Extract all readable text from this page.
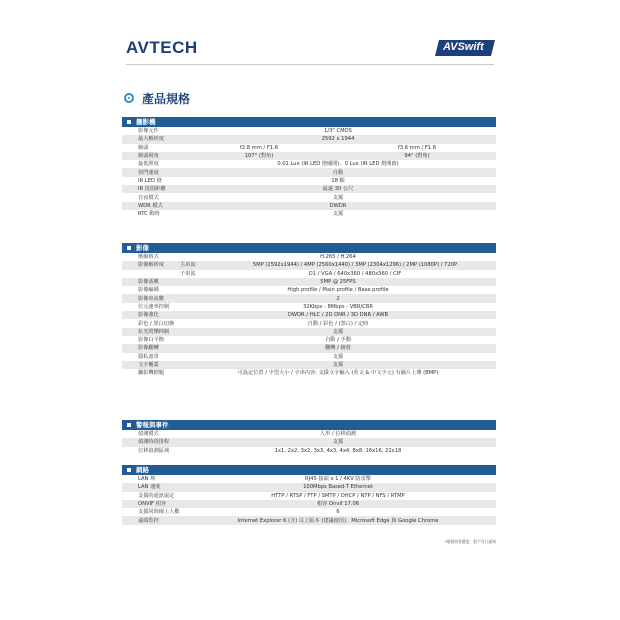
AVTECH	AVSwift
產品規格
攝影機
影像元件	1/3" CMOS
最大解析度	2592 x 1944
鏡頭	f2.8 mm / F1.6	f3.6 mm / F1.6
鏡頭視角	107° (對角)	94° (對角)
最低照度	0.01 Lux (IR LED 燈關閉)、0 Lux (IR LED 燈開啟)
快門速度	自動
IR LED 燈	18 顆
IR 投射距離	最遠 30 公尺
日夜模式	支援
WDR 模式	DWDR
RTC 動時	支援
影像
壓縮格式	H.265 / H.264
影像解析度	主串流	5MP (2592x1944) / 4MP (2560x1440) / 3MP (2304x1296) / 2MP (1080P) / 720P
子串流	D1 / VGA / 640x360 / 480x360 / CIF
影像張數	5MP @ 25FPS
影像編碼	High profile / Main profile / Base profile
影像串流數	2
位元速率控制	32Kbps - 8Mbps - VBR/CBR
影像強化	DWDR / HLC / 2D DNR / 3D DNR / AWB
彩色 / 黑白切換	自動 / 彩色 / (黑白) / 定時
抗光閃爍抑制	支援
影像白平衡	自動 / 手動
影像翻轉	翻轉 / 鏡射
隱私遮罩	支援
文字覆蓋	支援
攝影機標題	可設定位置 / 字型大小 / 字串內容: 支援文字輸入 (英文 & 中文字元) 有圖片上傳 (BMP)
警報與事件
偵測模式	人形 / 位移偵測
偵測時段排程	支援
位移偵測區域	1x1, 2x2, 3x2, 3x3, 4x3, 4x4, 8x8, 16x16, 22x18
網路
LAN 埠	RJ45 接頭 x 1 / 4KV 防雷擊
LAN 速度	100Mbps Based-T Ethernet
支援的通訊協定	HTTP / RTSP / FTP / SMTP / DHCP / NTP / NFS / RTMP
ONVIF 相容	相容 Onvif 17.06
支援同時線上人數	6
遠端監控	Internet Explorer 6 (含) 以上版本 (建議使用)、Microsoft Edge 與 Google Chrome
*規格如有變更，恕不另行通知
